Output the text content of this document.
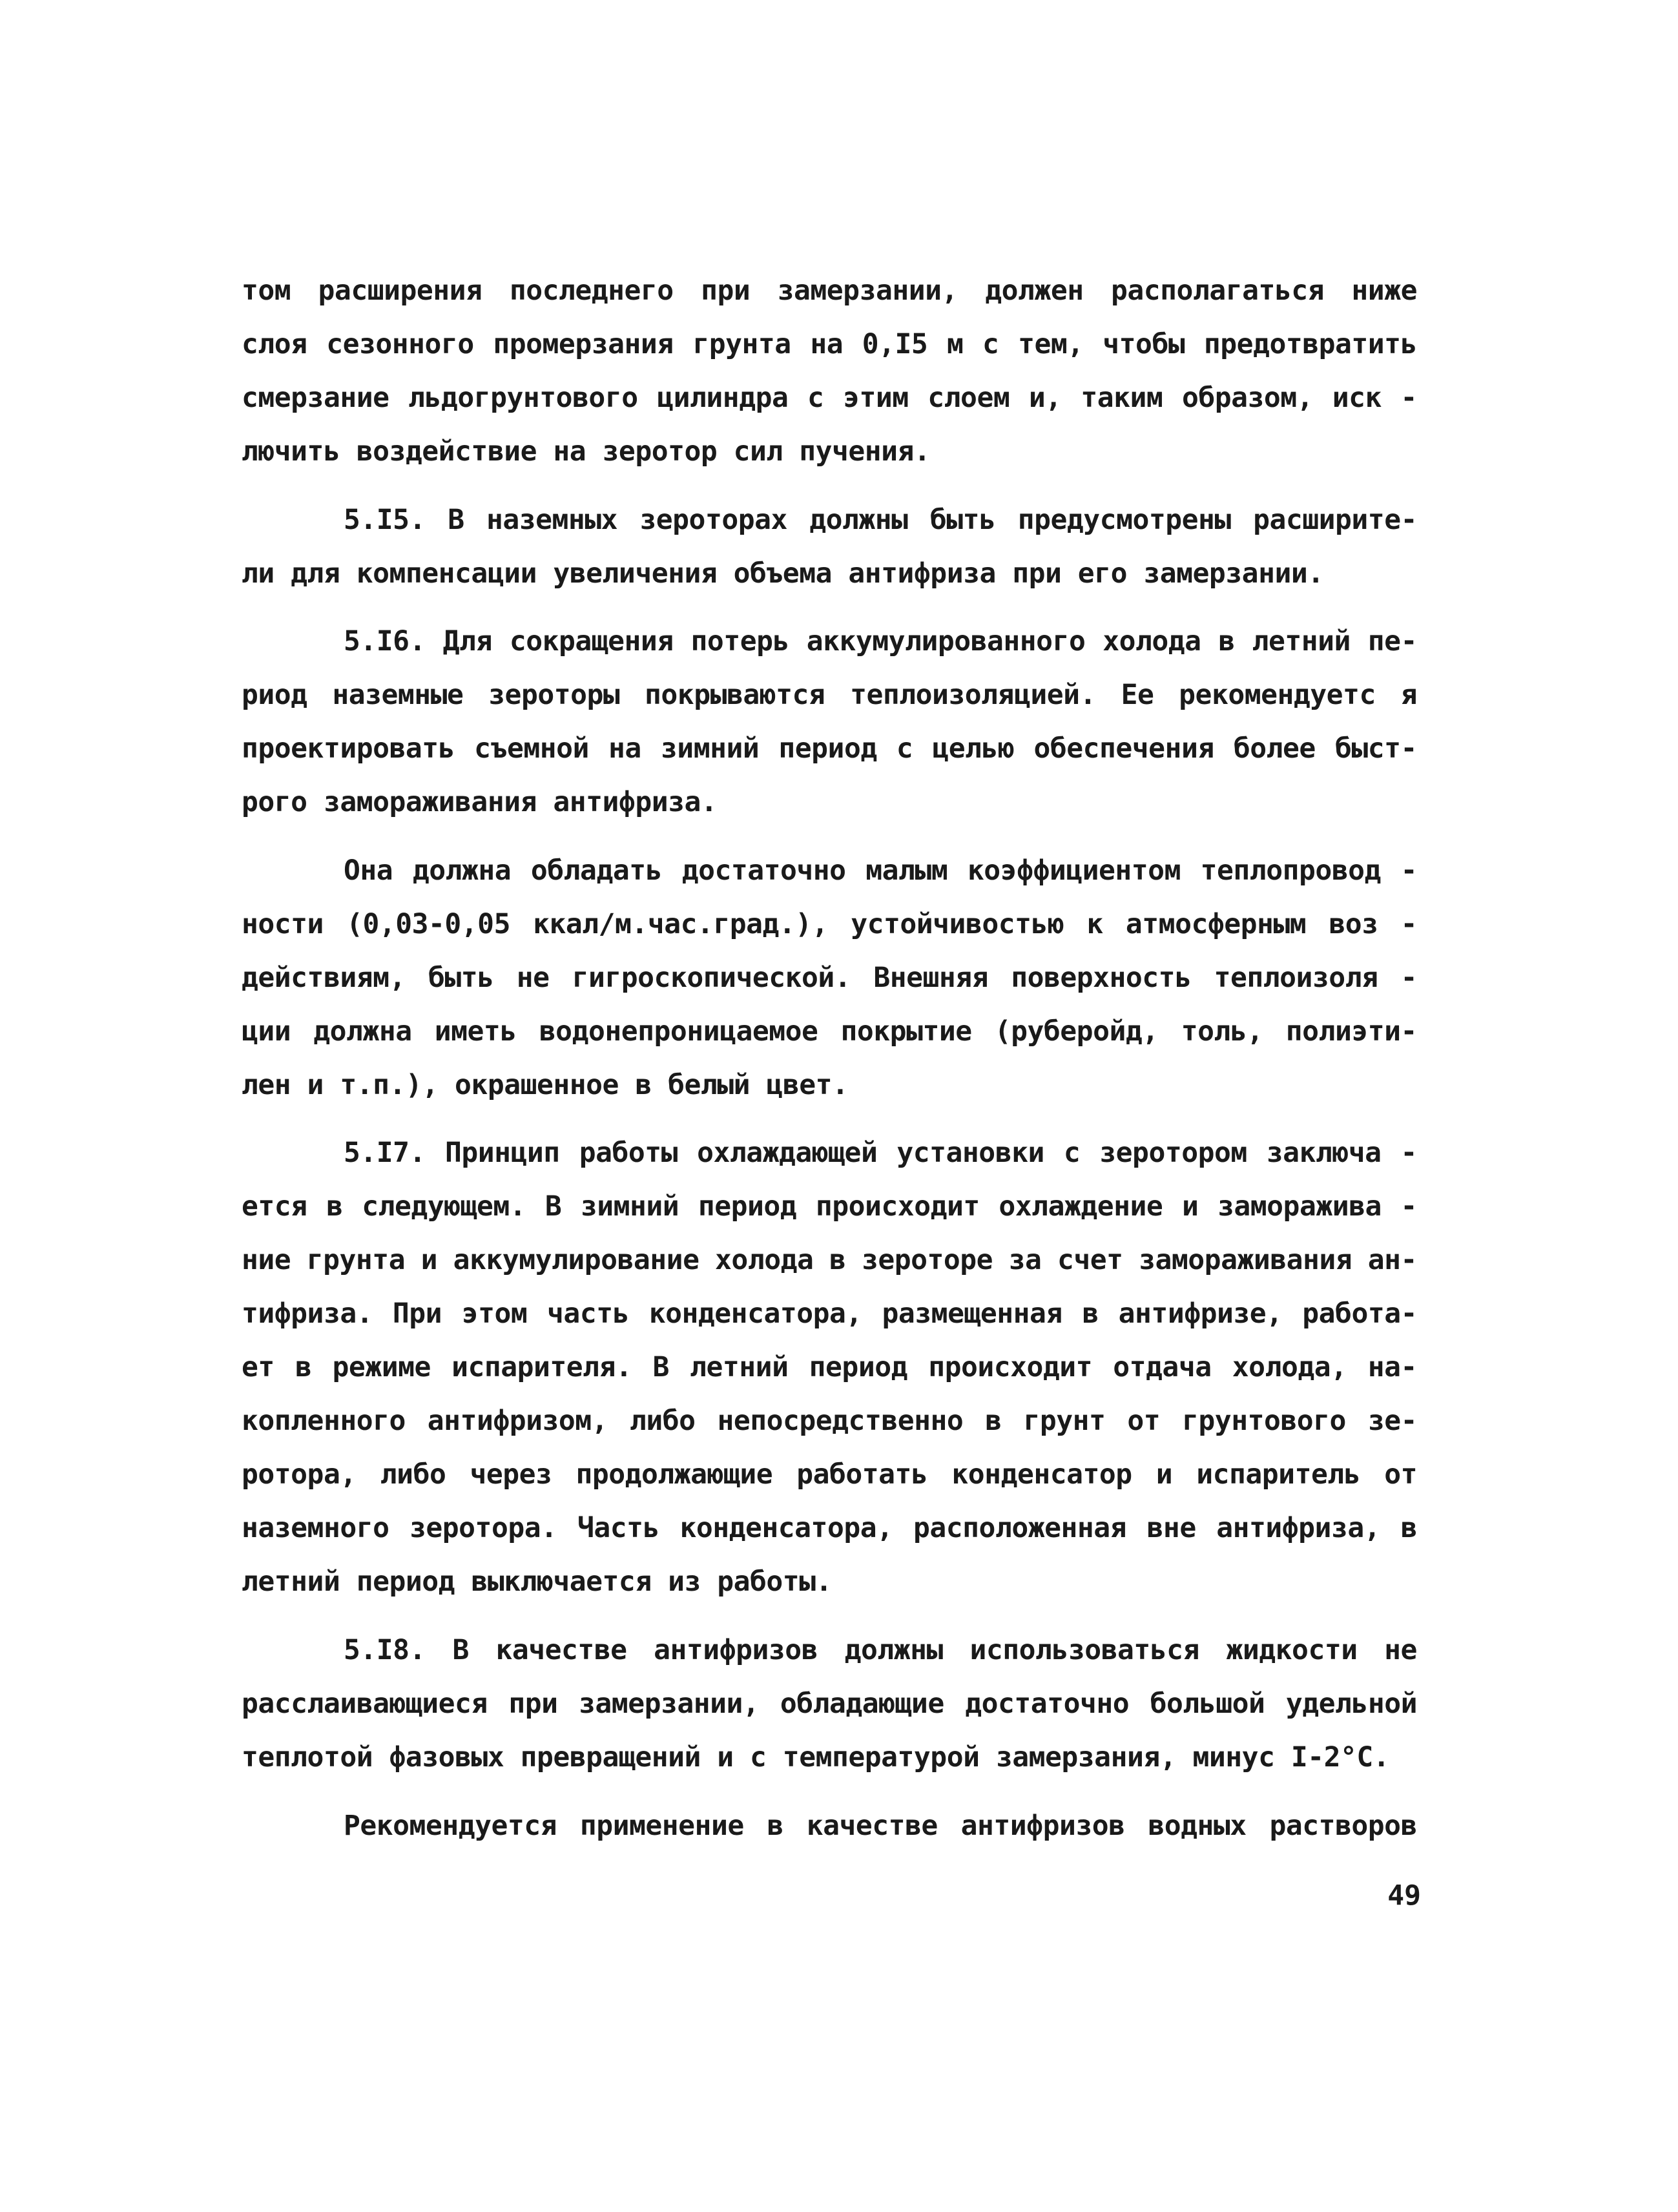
том расширения последнего при замерзании, должен располагаться ниже
слоя сезонного промерзания грунта на 0,I5 м с тем, чтобы предотвратить
смерзание льдогрунтового цилиндра с этим слоем и, таким образом, иск -
лючить воздействие на зеротор сил пучения.
5.I5. В наземных зероторах должны быть предусмотрены расширите-
ли для компенсации увеличения объема антифриза при его замерзании.
5.I6. Для сокращения потерь аккумулированного холода в летний пе-
риод наземные зероторы покрываются теплоизоляцией. Ее рекомендуетс я
проектировать съемной на зимний период с целью обеспечения более быст-
рого замораживания антифриза.
Она должна обладать достаточно малым коэффициентом теплопровод -
ности (0,03-0,05 ккал/м.час.град.), устойчивостью к атмосферным воз -
действиям, быть не гигроскопической. Внешняя поверхность теплоизоля -
ции должна иметь водонепроницаемое покрытие (руберойд, толь, полиэти-
лен и т.п.), окрашенное в белый цвет.
5.I7. Принцип работы охлаждающей установки с зеротором заключа -
ется в следующем. В зимний период происходит охлаждение и заморажива -
ние грунта и аккумулирование холода в зероторе за счет замораживания ан-
тифриза. При этом часть конденсатора, размещенная в антифризе, работа-
ет в режиме испарителя. В летний период происходит отдача холода, на-
копленного антифризом, либо непосредственно в грунт от грунтового зе-
ротора, либо через продолжающие работать конденсатор и испаритель от
наземного зеротора. Часть конденсатора, расположенная вне антифриза, в
летний период выключается из работы.
5.I8. В качестве антифризов должны использоваться жидкости не
расслаивающиеся при замерзании, обладающие достаточно большой удельной
теплотой фазовых превращений и с температурой замерзания, минус I-2°С.
Рекомендуется применение в качестве антифризов водных растворов
49
